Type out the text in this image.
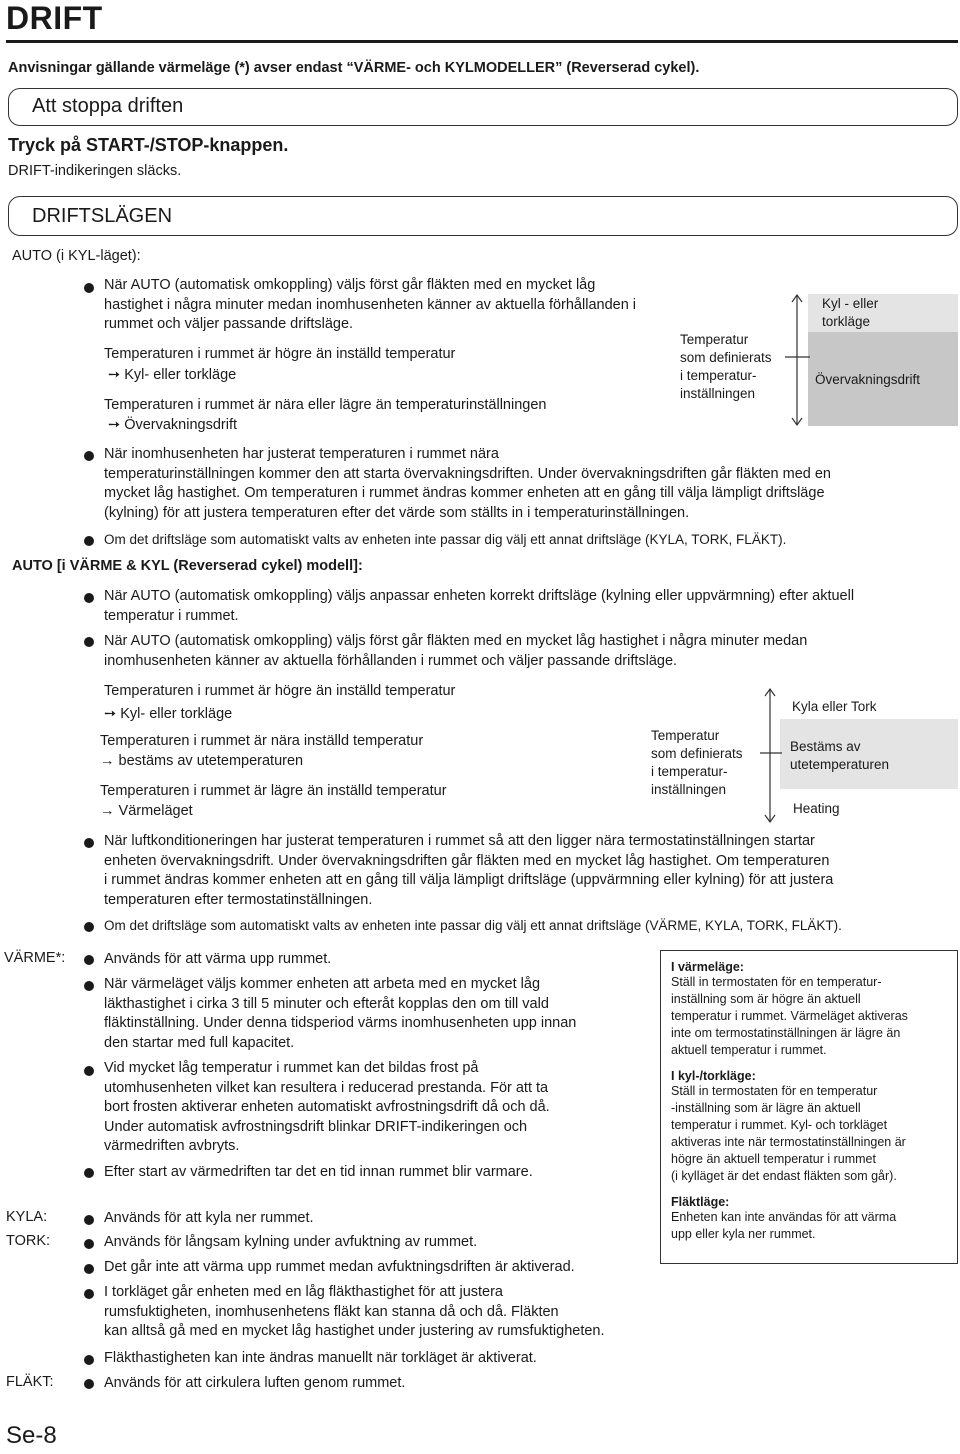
DRIFT
Anvisningar gällande värmeläge (*) avser endast “VÄRME- och KYLMODELLER” (Reverserad cykel).
Att stoppa driften
Tryck på START-/STOP-knappen.
DRIFT-indikeringen släcks.
DRIFTSLÄGEN
AUTO (i KYL-läget):
När AUTO (automatisk omkoppling) väljs först går fläkten med en mycket låg
hastighet i några minuter medan inomhusenheten känner av aktuella förhållanden i
rummet och väljer passande driftsläge.
Temperaturen i rummet är högre än inställd temperatur
➙ Kyl- eller torkläge
Temperaturen i rummet är nära eller lägre än temperaturinställningen
➙ Övervakningsdrift
Temperatur
som definierats
i temperatur-
inställningen
Kyl - eller
torkläge
Övervakningsdrift
När inomhusenheten har justerat temperaturen i rummet nära
temperaturinställningen kommer den att starta övervakningsdriften. Under övervakningsdriften går fläkten med en
mycket låg hastighet. Om temperaturen i rummet ändras kommer enheten att en gång till välja lämpligt driftsläge
(kylning) för att justera temperaturen efter det värde som ställts in i temperaturinställningen.
Om det driftsläge som automatiskt valts av enheten inte passar dig välj ett annat driftsläge (KYLA, TORK, FLÄKT).
AUTO [i VÄRME & KYL (Reverserad cykel) modell]:
När AUTO (automatisk omkoppling) väljs anpassar enheten korrekt driftsläge (kylning eller uppvärmning) efter aktuell
temperatur i rummet.
När AUTO (automatisk omkoppling) väljs först går fläkten med en mycket låg hastighet i några minuter medan
inomhusenheten känner av aktuella förhållanden i rummet och väljer passande driftsläge.
Temperaturen i rummet är högre än inställd temperatur
➙ Kyl- eller torkläge
Temperaturen i rummet är nära inställd temperatur
→ bestäms av utetemperaturen
Temperaturen i rummet är lägre än inställd temperatur
→ Värmeläget
Temperatur
som definierats
i temperatur-
inställningen
Kyla eller Tork
Bestäms av
utetemperaturen
Heating
När luftkonditioneringen har justerat temperaturen i rummet så att den ligger nära termostatinställningen startar
enheten övervakningsdrift. Under övervakningsdriften går fläkten med en mycket låg hastighet. Om temperaturen
i rummet ändras kommer enheten att en gång till välja lämpligt driftsläge (uppvärmning eller kylning) för att justera
temperaturen efter termostatinställningen.
Om det driftsläge som automatiskt valts av enheten inte passar dig välj ett annat driftsläge (VÄRME, KYLA, TORK, FLÄKT).
VÄRME*:	Används för att värma upp rummet.
När värmeläget väljs kommer enheten att arbeta med en mycket låg
läkthastighet i cirka 3 till 5 minuter och efteråt kopplas den om till vald
fläktinställning. Under denna tidsperiod värms inomhusenheten upp innan
den startar med full kapacitet.
Vid mycket låg temperatur i rummet kan det bildas frost på
utomhusenheten vilket kan resultera i reducerad prestanda. För att ta
bort frosten aktiverar enheten automatiskt avfrostningsdrift då och då.
Under automatisk avfrostningsdrift blinkar DRIFT-indikeringen och
värmedriften avbryts.
Efter start av värmedriften tar det en tid innan rummet blir varmare.
I värmeläge:
Ställ in termostaten för en temperatur-
inställning som är högre än aktuell
temperatur i rummet. Värmeläget aktiveras
inte om termostatinställningen är lägre än
aktuell temperatur i rummet.
I kyl-/torkläge:
Ställ in termostaten för en temperatur
-inställning som är lägre än aktuell
temperatur i rummet. Kyl- och torkläget
aktiveras inte när termostatinställningen är
högre än aktuell temperatur i rummet
(i kylläget är det endast fläkten som går).
Fläktläge:
Enheten kan inte användas för att värma
upp eller kyla ner rummet.
KYLA:
TORK:
Används för att kyla ner rummet.
Används för långsam kylning under avfuktning av rummet.
Det går inte att värma upp rummet medan avfuktningsdriften är aktiverad.
I torkläget går enheten med en låg fläkthastighet för att justera
rumsfuktigheten, inomhusenhetens fläkt kan stanna då och då. Fläkten
kan alltså gå med en mycket låg hastighet under justering av rumsfuktigheten.
Fläkthastigheten kan inte ändras manuellt när torkläget är aktiverat.
FLÄKT:	Används för att cirkulera luften genom rummet.
Se-8
